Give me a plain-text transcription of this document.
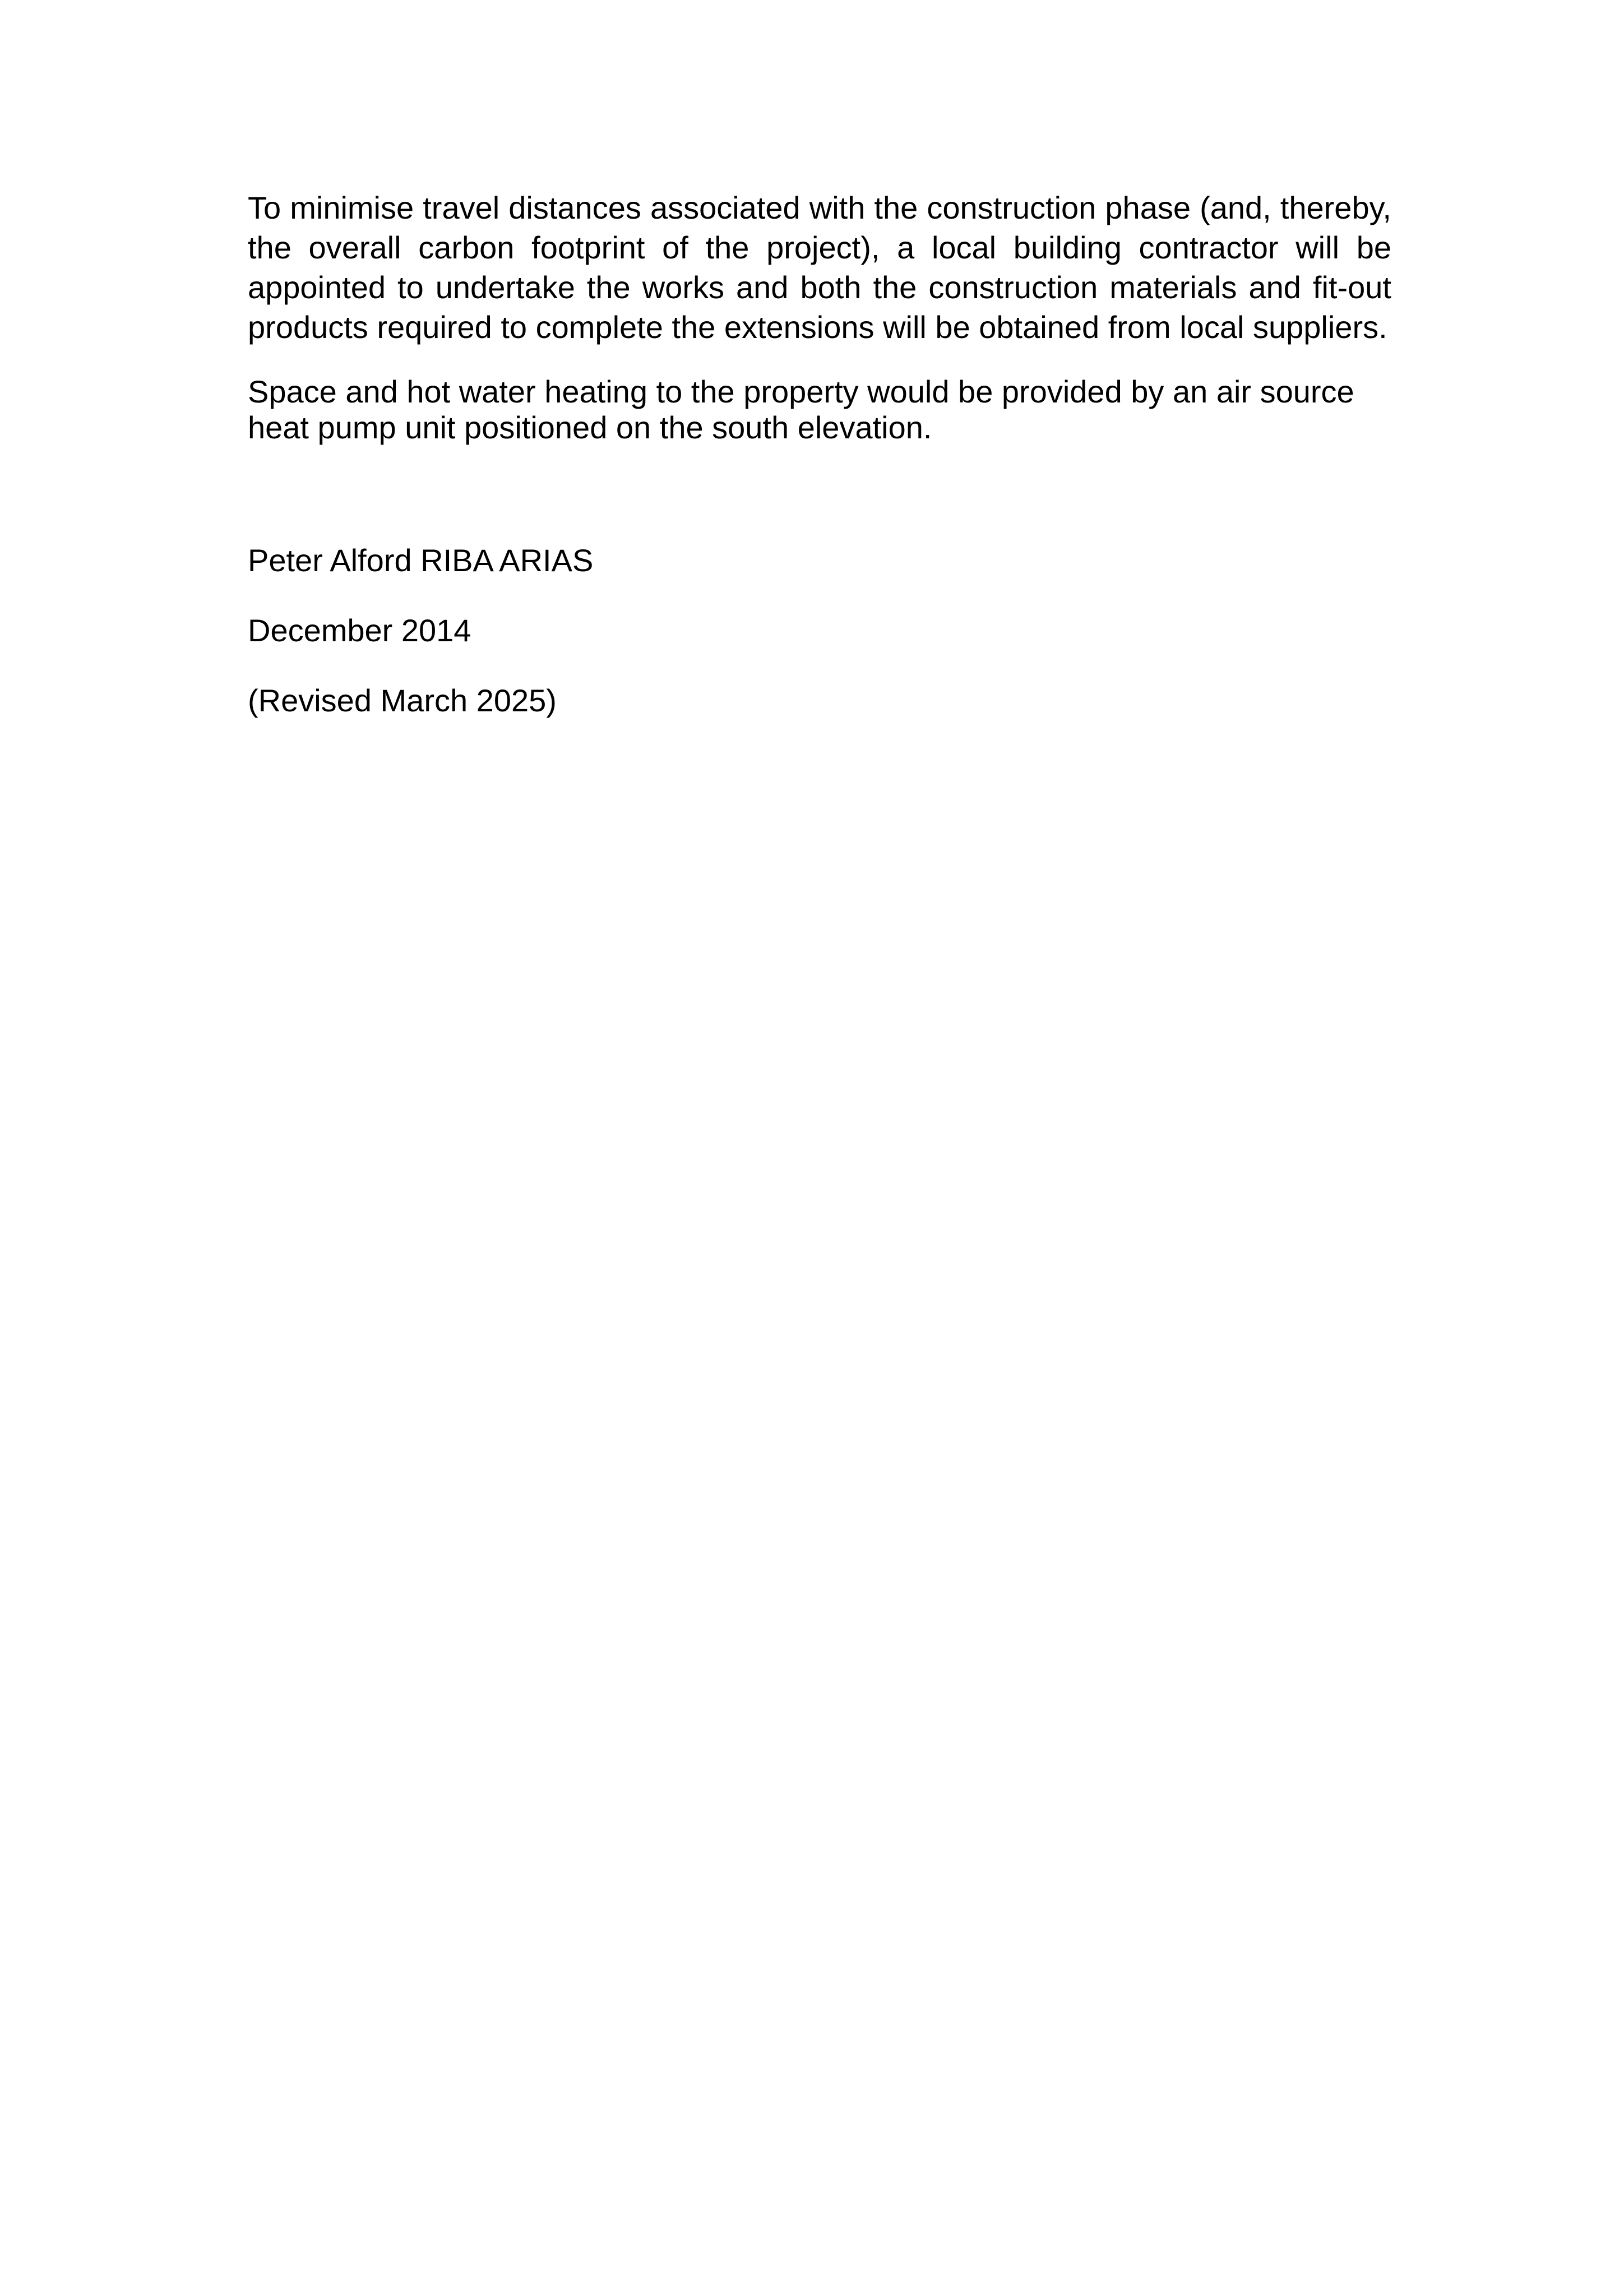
To minimise travel distances associated with the construction phase (and, thereby, the overall carbon footprint of the project), a local building contractor will be appointed to undertake the works and both the construction materials and fit-out products required to complete the extensions will be obtained from local suppliers.

Space and hot water heating to the property would be provided by an air source heat pump unit positioned on the south elevation.

Peter Alford RIBA ARIAS

December 2014

(Revised March 2025)
